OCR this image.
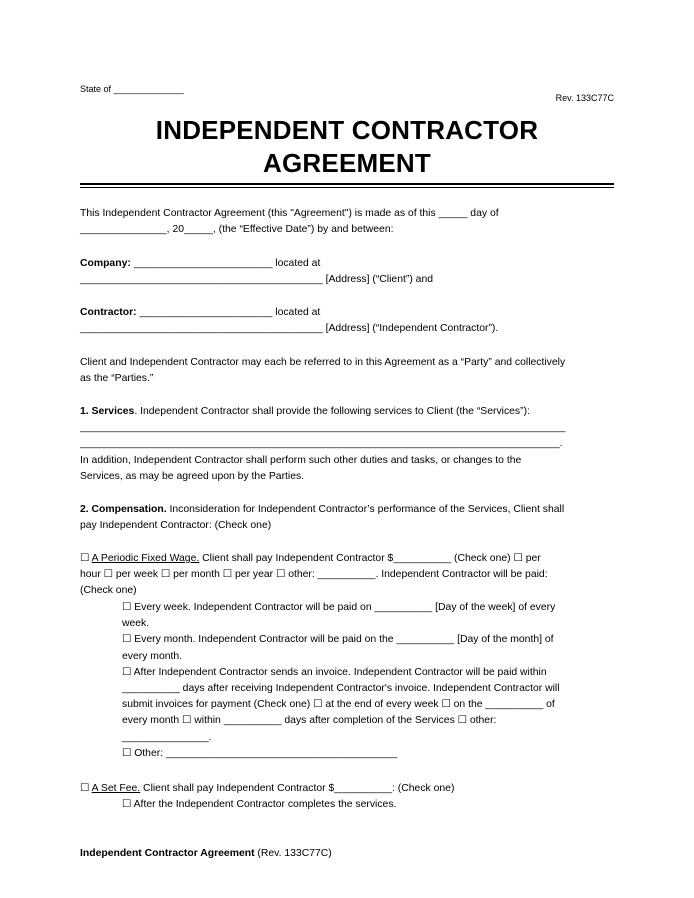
State of ______________
Rev. 133C77C
INDEPENDENT CONTRACTOR
AGREEMENT
This Independent Contractor Agreement (this "Agreement") is made as of this _____ day of
_______________, 20_____, (the “Effective Date”) by and between:
Company: ________________________ located at
__________________________________________ [Address] (“Client”) and
Contractor: _______________________ located at
__________________________________________ [Address] (“Independent Contractor”).
Client and Independent Contractor may each be referred to in this Agreement as a “Party” and collectively
as the “Parties.”
1. Services. Independent Contractor shall provide the following services to Client (the “Services”):
____________________________________________________________________________________
___________________________________________________________________________________.
In addition, Independent Contractor shall perform such other duties and tasks, or changes to the
Services, as may be agreed upon by the Parties.
2. Compensation. Inconsideration for Independent Contractor’s performance of the Services, Client shall
pay Independent Contractor: (Check one)
☐ A Periodic Fixed Wage. Client shall pay Independent Contractor $__________ (Check one) ☐ per
hour ☐ per week ☐ per month ☐ per year ☐ other: __________. Independent Contractor will be paid:
(Check one)
☐ Every week. Independent Contractor will be paid on __________ [Day of the week] of every
week.
☐ Every month. Independent Contractor will be paid on the __________ [Day of the month] of
every month.
☐ After Independent Contractor sends an invoice. Independent Contractor will be paid within
__________ days after receiving Independent Contractor's invoice. Independent Contractor will
submit invoices for payment (Check one) ☐ at the end of every week ☐ on the __________ of
every month ☐ within __________ days after completion of the Services ☐ other:
_______________.
☐ Other: ________________________________________
☐ A Set Fee. Client shall pay Independent Contractor $__________: (Check one)
☐ After the Independent Contractor completes the services.
Independent Contractor Agreement (Rev. 133C77C)
